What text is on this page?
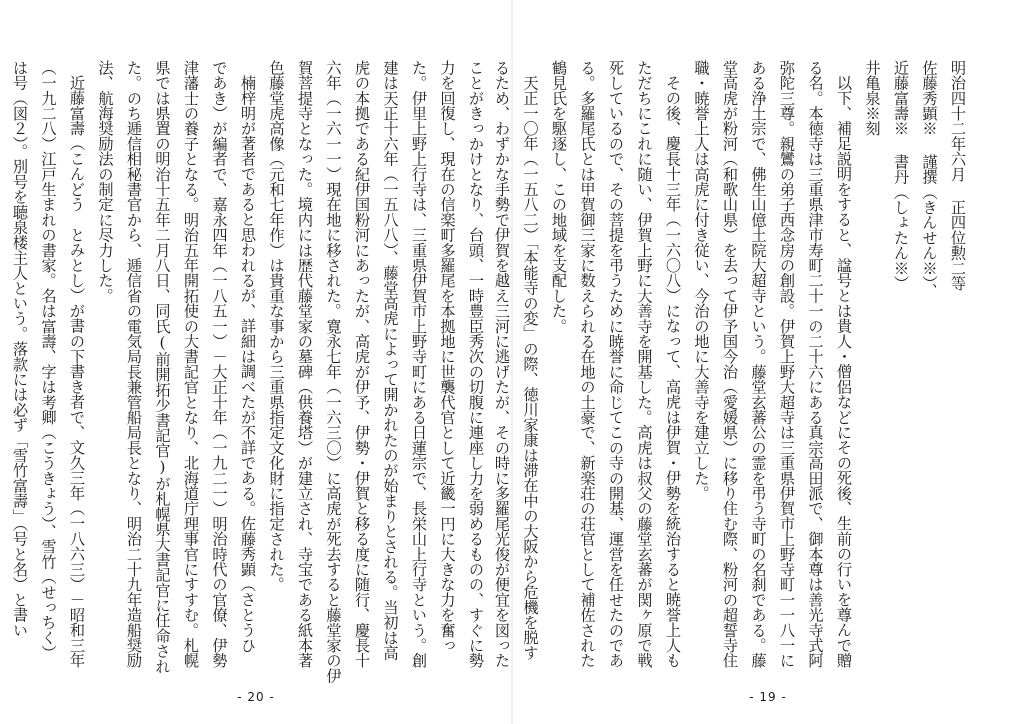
ことがきっかけとなり、台頭、一時豊臣秀次の切腹に連座し力を弱めるものの、すぐに勢

力を回復し、現在の信楽町多羅尾を本拠地に世襲代官として近畿一円に大きな力を奮っ

た。伊里上野上行寺は、三重県伊賀市上野寺町にある日蓮宗で、長栄山上行寺という。創

建は天正十六年（一五八八）、藤堂高虎によって開かれたのが始まりとされる。当初は高

虎の本拠である紀伊国粉河にあったが、高虎が伊予、伊勢・伊賀と移る度に随行、慶長十

六年（一六一一）現在地に移された。寛永七年（一六三〇）に高虎が死去すると藤堂家の伊

賀菩提寺となった。境内には歴代藤堂家の墓碑（供養塔）が建立され、寺宝である紙本著

色藤堂虎高像（元和七年作）は貴重な事から三重県指定文化財に指定された。

楠梓明が著者であると思われるが、詳細は調べたが不詳である。佐藤秀顕（さとうひ

であき）が編者で、嘉永四年（一八五一）－大正十年（一九二一）明治時代の官僚、伊勢

津藩士の養子となる。明治五年開拓使の大書記官となり、北海道庁理事官にすすむ。札幌

県では県置の明治十五年二月八日、同氏(前開拓少書記官)が札幌県大書記官に任命され

た。のち逓信相秘書官から、逓信省の電気局長兼管船局長となり、明治二十九年造船奨励

法、航海奨励法の制定に尽力した。

近藤富壽（こんどう　とみとし）が書の下書き者で、文久三年（一八六三）－昭和三年

（一九二八）江戸生まれの書家。名は富壽、字は考卿（こうきょう）、雪竹（せっちく）

は号（図２）。別号を聴泉楼主人という。落款には必ず「雪竹富壽」（号と名）と書い

- 20 -

明治四十二年六月 正四位勲二等

佐藤秀顕※ 謹撰（きんせん※）、

近藤富壽※ 書丹（しょたん※）

井亀泉※刻

以下、補足説明をすると、諡号とは貴人・僧侶などにその死後、生前の行いを尊んで贈

る名。本徳寺は三重県津市寿町二十一の二十六にある真宗高田派で、御本尊は善光寺式阿

弥陀三尊。親鸞の弟子西念房の創設。伊賀上野大超寺は三重県伊賀市上野寺町一一八一に

ある浄土宗で、佛生山億土院大超寺という。藤堂玄蕃公の霊を弔う寺町の名刹である。藤

堂高虎が粉河（和歌山県）を去って伊予国今治（愛媛県）に移り住む際、粉河の超誓寺住

職・暁誉上人は高虎に付き従い、今治の地に大善寺を建立した。

その後、慶長十三年（一六〇八）になって、高虎は伊賀・伊勢を統治すると暁誉上人も

ただちにこれに随い、伊賀上野に大善寺を開基した。高虎は叔父の藤堂玄蕃が関ヶ原で戦

死しているので、その菩提を弔うために暁誉に命じてこの寺の開基、運営を任せたのであ

る。多羅尾氏とは甲賀御三家に数えられる在地の土豪で、新楽荘の荘官として補佐された

鶴見氏を駆逐し、この地域を支配した。

天正一〇年（一五八二）「本能寺の変」の際、徳川家康は滞在中の大阪から危機を脱す

るため、わずかな手勢で伊賀を越え三河に逃げたが、その時に多羅尾光俊が便宜を図った

- 19 -
